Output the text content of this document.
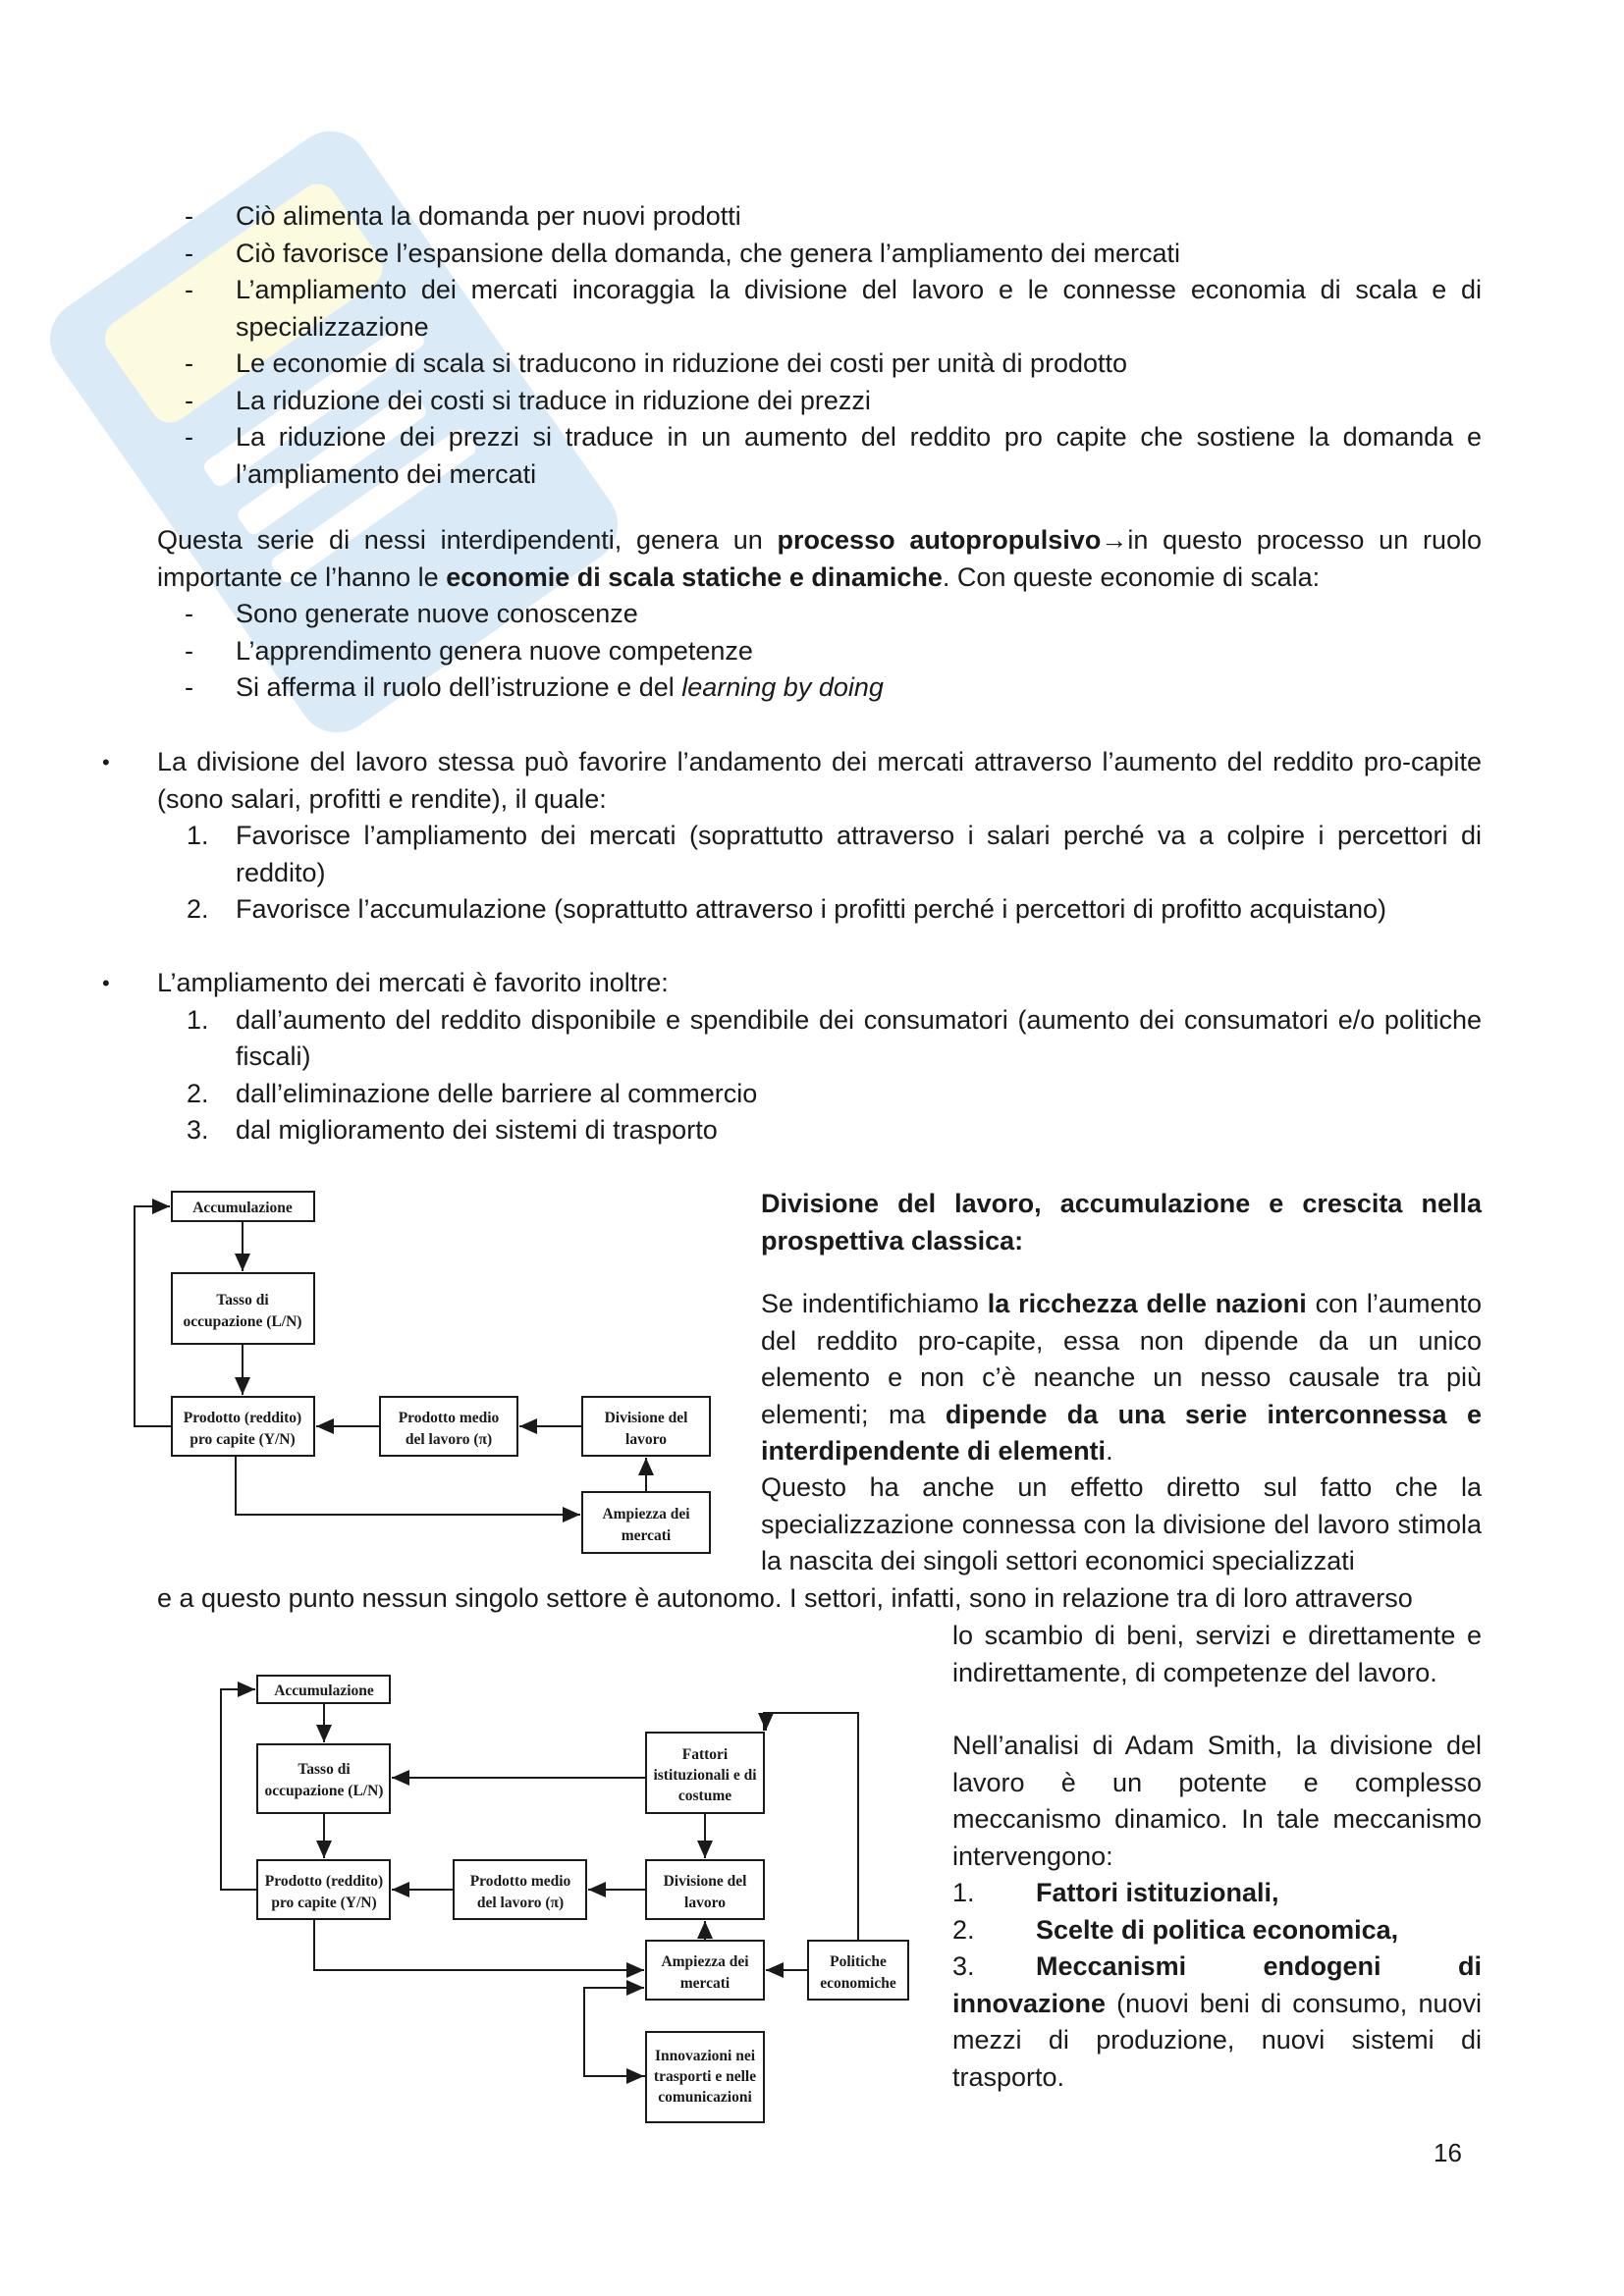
- Ciò alimenta la domanda per nuovi prodotti
- Ciò favorisce l’espansione della domanda, che genera l’ampliamento dei mercati
- L’ampliamento dei mercati incoraggia la divisione del lavoro e le connesse economia di scala e di specializzazione
- Le economie di scala si traducono in riduzione dei costi per unità di prodotto
- La riduzione dei costi si traduce in riduzione dei prezzi
- La riduzione dei prezzi si traduce in un aumento del reddito pro capite che sostiene la domanda e l’ampliamento dei mercati

Questa serie di nessi interdipendenti, genera un processo autopropulsivo→in questo processo un ruolo importante ce l’hanno le economie di scala statiche e dinamiche. Con queste economie di scala:

- Sono generate nuove conoscenze
- L’apprendimento genera nuove competenze
- Si afferma il ruolo dell’istruzione e del learning by doing
• La divisione del lavoro stessa può favorire l’andamento dei mercati attraverso l’aumento del reddito pro-capite (sono salari, profitti e rendite), il quale:
1. Favorisce l’ampliamento dei mercati (soprattutto attraverso i salari perché va a colpire i percettori di reddito)
2. Favorisce l’accumulazione (soprattutto attraverso i profitti perché i percettori di profitto acquistano)
• L’ampliamento dei mercati è favorito inoltre:
1. dall’aumento del reddito disponibile e spendibile dei consumatori (aumento dei consumatori e/o politiche fiscali)
2. dall’eliminazione delle barriere al commercio
3. dal miglioramento dei sistemi di trasporto
Divisione del lavoro, accumulazione e crescita nella prospettiva classica:

Se indentifichiamo la ricchezza delle nazioni con l’aumento del reddito pro-capite, essa non dipende da un unico elemento e non c’è neanche un nesso causale tra più elementi; ma dipende da una serie interconnessa e interdipendente di elementi.

Questo ha anche un effetto diretto sul fatto che la specializzazione connessa con la divisione del lavoro stimola la nascita dei singoli settori economici specializzati

e a questo punto nessun singolo settore è autonomo. I settori, infatti, sono in relazione tra di loro attraverso

lo scambio di beni, servizi e direttamente e indirettamente, di competenze del lavoro.

Nell’analisi di Adam Smith, la divisione del lavoro è un potente e complesso meccanismo dinamico. In tale meccanismo intervengono:

1. Fattori istituzionali,
2. Scelte di politica economica,
3. Meccanismi endogeni di innovazione (nuovi beni di consumo, nuovi mezzi di produzione, nuovi sistemi di trasporto.
Accumulazione
Tasso di
occupazione (L/N)
Prodotto (reddito)
pro capite (Y/N)
Prodotto medio
del lavoro (π)
Divisione del
lavoro
Ampiezza dei
mercati
Accumulazione
Tasso di
occupazione (L/N)
Fattori
istituzionali e di
costume
Prodotto (reddito)
pro capite (Y/N)
Prodotto medio
del lavoro (π)
Divisione del
lavoro
Ampiezza dei
mercati
Politiche
economiche
Innovazioni nei
trasporti e nelle
comunicazioni
16
